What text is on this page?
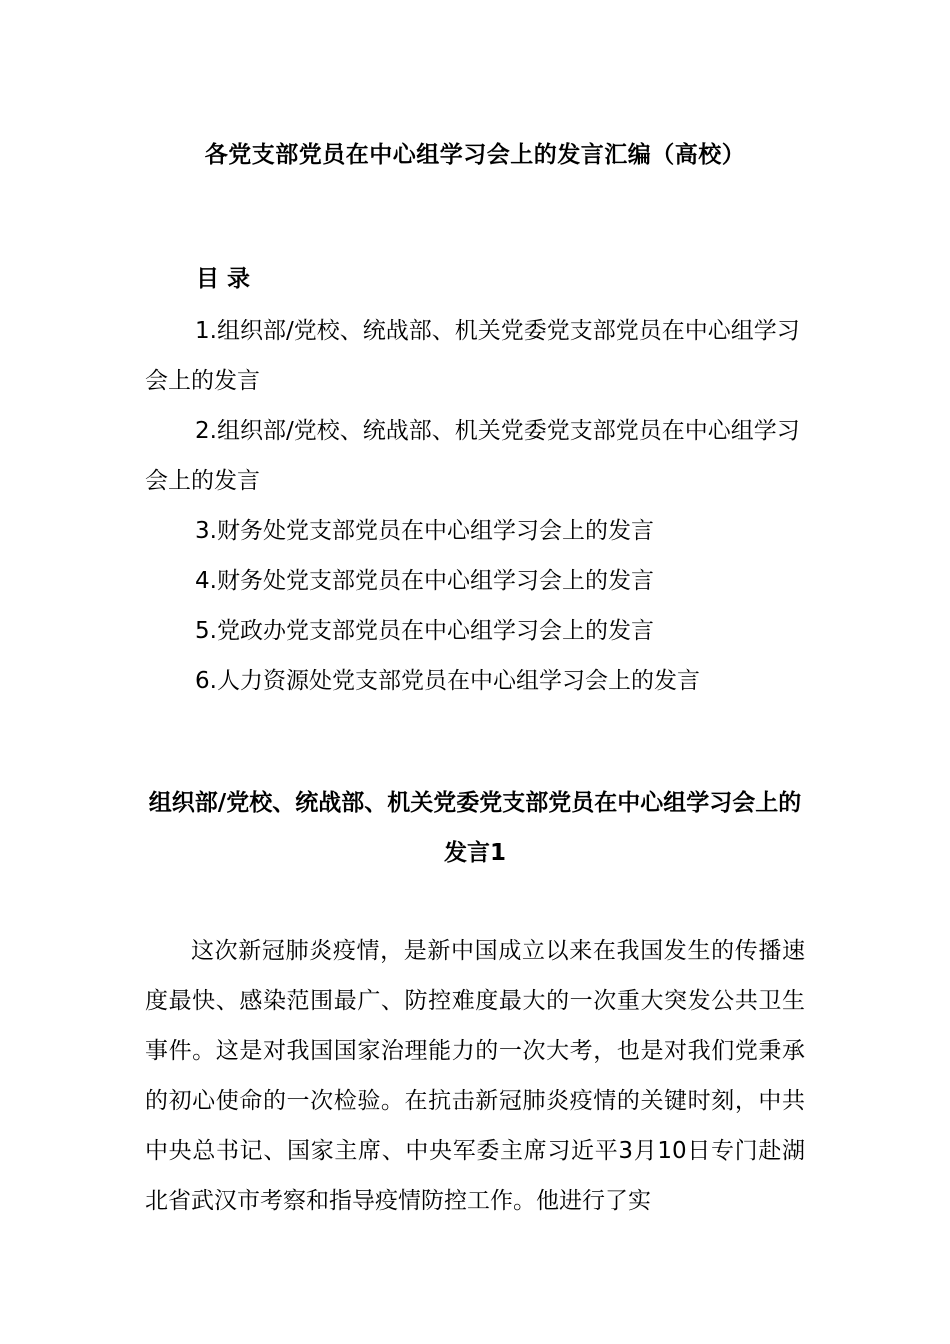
各党支部党员在中心组学习会上的发言汇编（高校）
目 录

1.组织部/党校、统战部、机关党委党支部党员在中心组学习会上的发言

2.组织部/党校、统战部、机关党委党支部党员在中心组学习会上的发言

3.财务处党支部党员在中心组学习会上的发言

4.财务处党支部党员在中心组学习会上的发言

5.党政办党支部党员在中心组学习会上的发言

6.人力资源处党支部党员在中心组学习会上的发言

组织部/党校、统战部、机关党委党支部党员在中心组学习会上的发言1

这次新冠肺炎疫情，是新中国成立以来在我国发生的传播速度最快、感染范围最广、防控难度最大的一次重大突发公共卫生事件。这是对我国国家治理能力的一次大考，也是对我们党秉承的初心使命的一次检验。在抗击新冠肺炎疫情的关键时刻，中共中央总书记、国家主席、中央军委主席习近平3月10日专门赴湖北省武汉市考察和指导疫情防控工作。他进行了实
